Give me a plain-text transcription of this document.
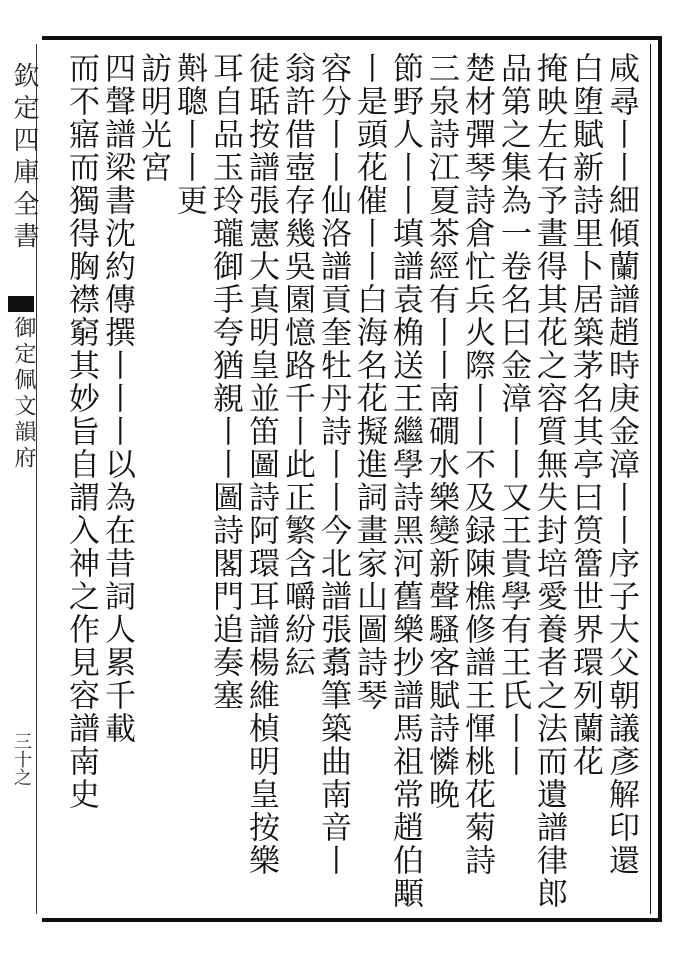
欽定四庫全書
御定佩文韻府
三十之	咸尋丨丨細傾蘭譜趙時庚金漳丨丨序子大父朝議彥解印還
白堕賦新詩里卜居築茅名其亭曰筼簹世界環列蘭花
掩映左右予晝得其花之容質無失封培愛養者之法而遺譜律郎
品第之集為一卷名曰金漳丨丨又王貴學有王氏丨丨
楚材彈琴詩倉忙兵火際丨丨不及録陳樵修譜王惲桃花菊詩
三泉詩江夏茶經有丨丨南礀水樂變新聲騷客賦詩憐晚
節野人丨丨填譜袁桷送王繼學詩黑河舊樂抄譜馬祖常趙伯顒
丨是頭花催丨丨白海名花擬進詞畫家山圖詩琴
容分丨丨仙洛譜貢奎牡丹詩丨丨今北譜張翥筆築曲南音丨
翁許借壺存幾吳園憶路千丨此正繁含嚼紛紜
徒聒按譜張憲大真明皇並笛圖詩阿環耳譜楊維楨明皇按樂
耳自品玉玲瓏御手夸猶親丨丨圖詩閣門追奏塞
斢聰丨丨更
訪明光宮
四聲譜梁書沈約傳撰丨丨丨以為在昔詞人累千載
而不寤而獨得胸襟窮其妙旨自謂入神之作見容譜南史
